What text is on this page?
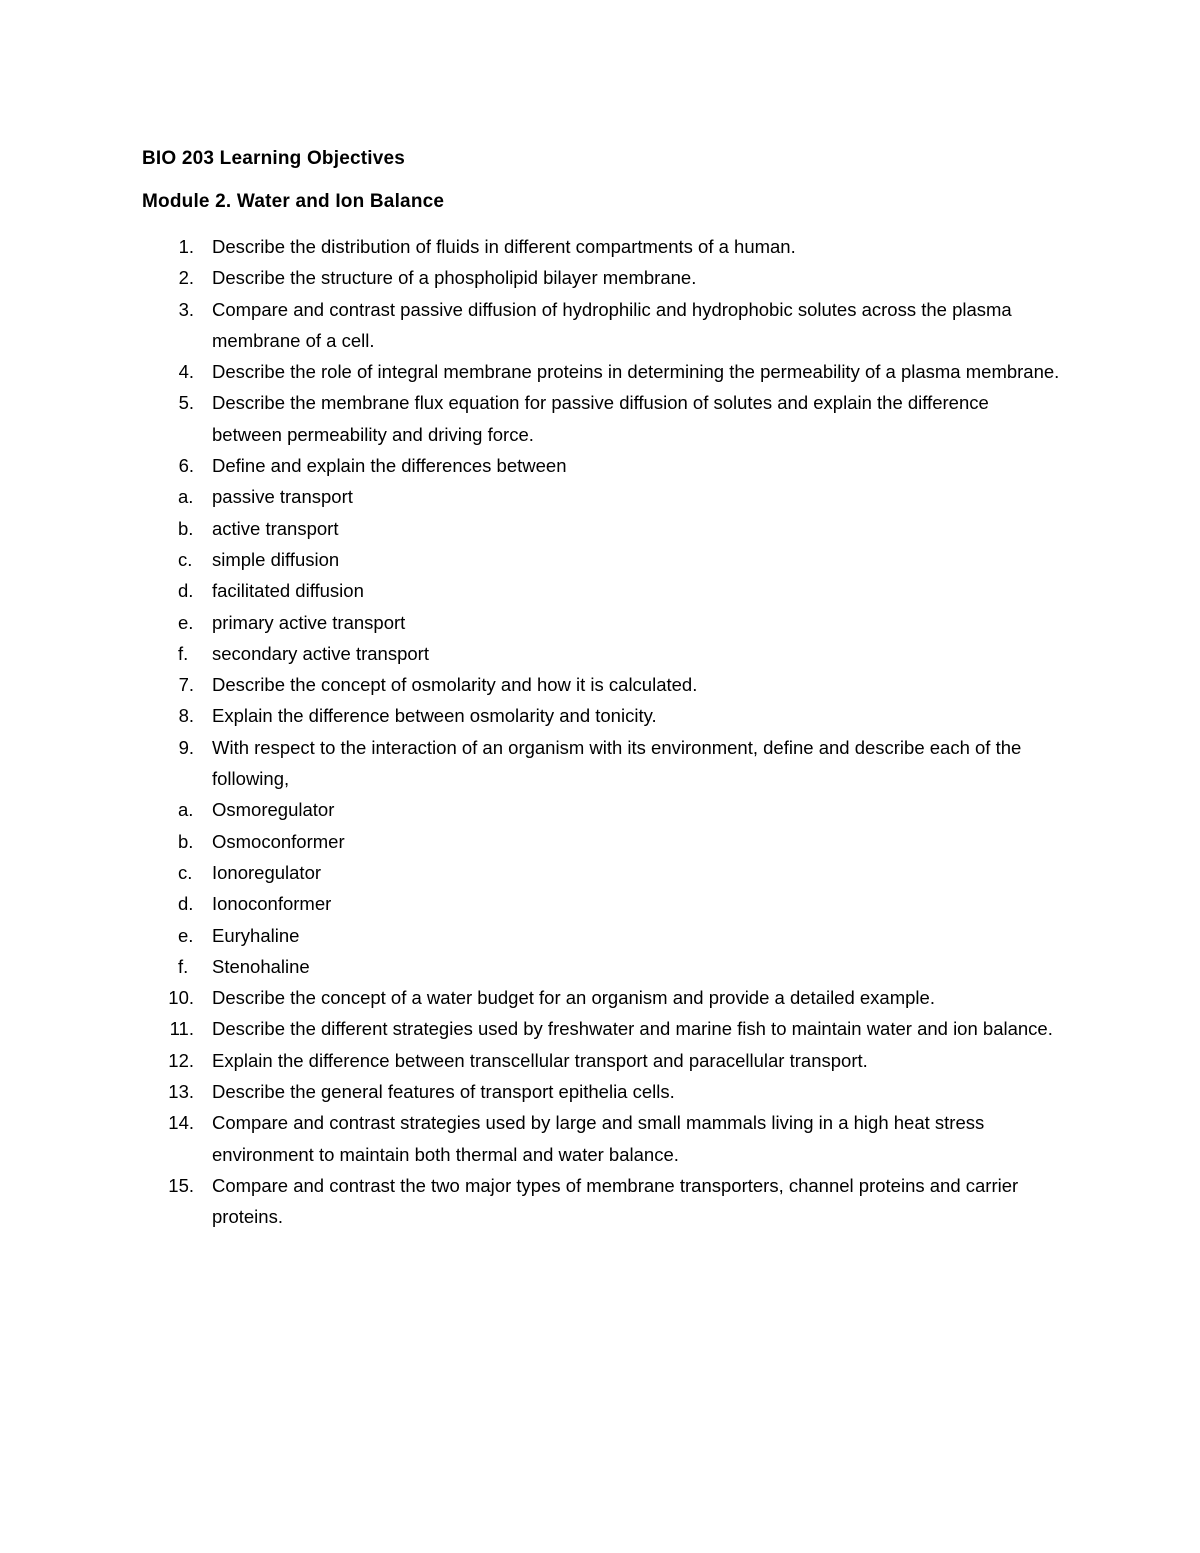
BIO 203 Learning Objectives
Module 2. Water and Ion Balance
1. Describe the distribution of fluids in different compartments of a human.
2. Describe the structure of a phospholipid bilayer membrane.
3. Compare and contrast passive diffusion of hydrophilic and hydrophobic solutes across the plasma membrane of a cell.
4. Describe the role of integral membrane proteins in determining the permeability of a plasma membrane.
5. Describe the membrane flux equation for passive diffusion of solutes and explain the difference between permeability and driving force.
6. Define and explain the differences between
a.	passive transport
b.	active transport
c.	simple diffusion
d.	facilitated diffusion
e.	primary active transport
f.	secondary active transport
7. Describe the concept of osmolarity and how it is calculated.
8. Explain the difference between osmolarity and tonicity.
9. With respect to the interaction of an organism with its environment, define and describe each of the following,
a.	Osmoregulator
b.	Osmoconformer
c.	Ionoregulator
d.	Ionoconformer
e.	Euryhaline
f.	Stenohaline
10. Describe the concept of a water budget for an organism and provide a detailed example.
11. Describe the different strategies used by freshwater and marine fish to maintain water and ion balance.
12. Explain the difference between transcellular transport and paracellular transport.
13. Describe the general features of transport epithelia cells.
14. Compare and contrast strategies used by large and small mammals living in a high heat stress environment to maintain both thermal and water balance.
15. Compare and contrast the two major types of membrane transporters, channel proteins and carrier proteins.
